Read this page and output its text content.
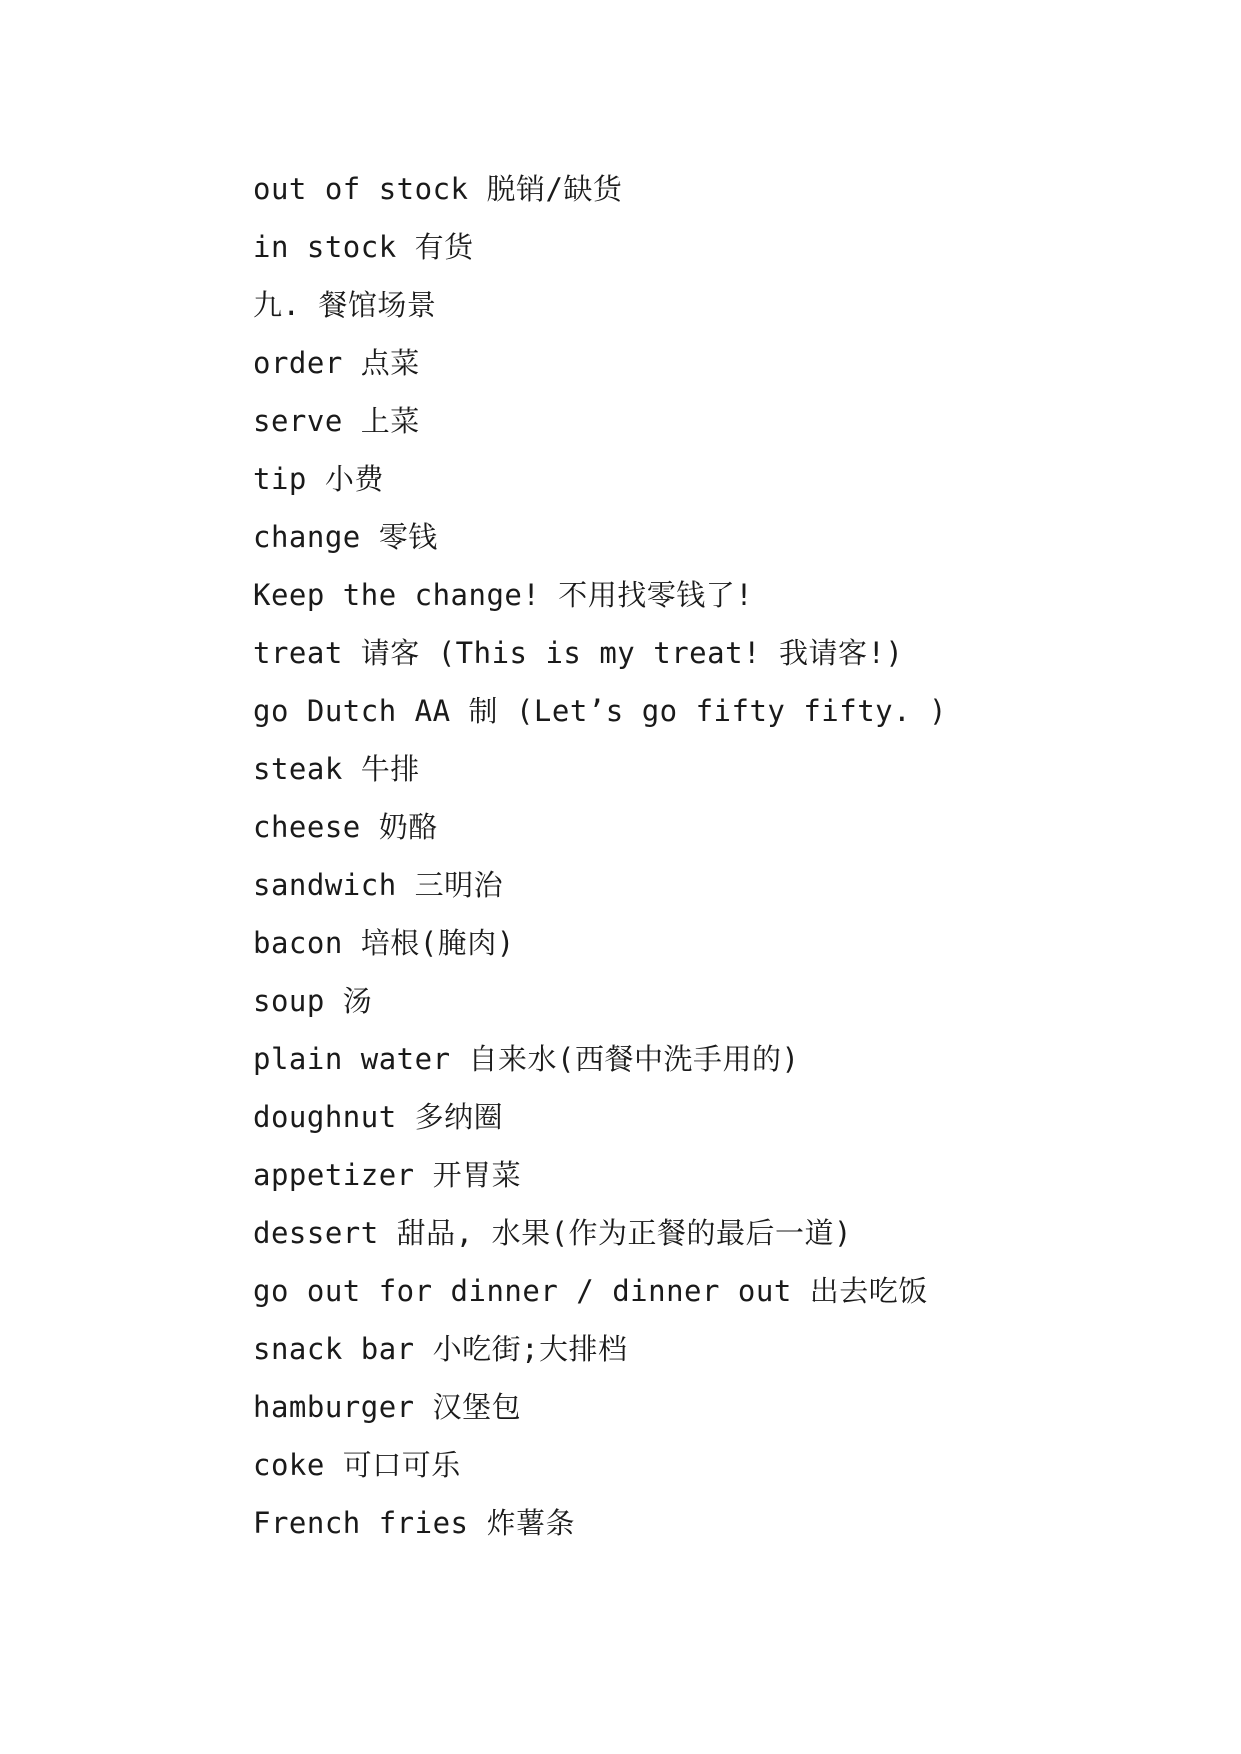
out of stock 脱销/缺货
in stock 有货
九. 餐馆场景
order 点菜
serve 上菜
tip 小费
change 零钱
Keep the change! 不用找零钱了!
treat 请客 (This is my treat! 我请客!)
go Dutch AA 制 (Let’s go fifty fifty. )
steak 牛排
cheese 奶酪
sandwich 三明治
bacon 培根(腌肉)
soup 汤
plain water 自来水(西餐中洗手用的)
doughnut 多纳圈
appetizer 开胃菜
dessert 甜品, 水果(作为正餐的最后一道)
go out for dinner / dinner out 出去吃饭
snack bar 小吃街;大排档
hamburger 汉堡包
coke 可口可乐
French fries 炸薯条
